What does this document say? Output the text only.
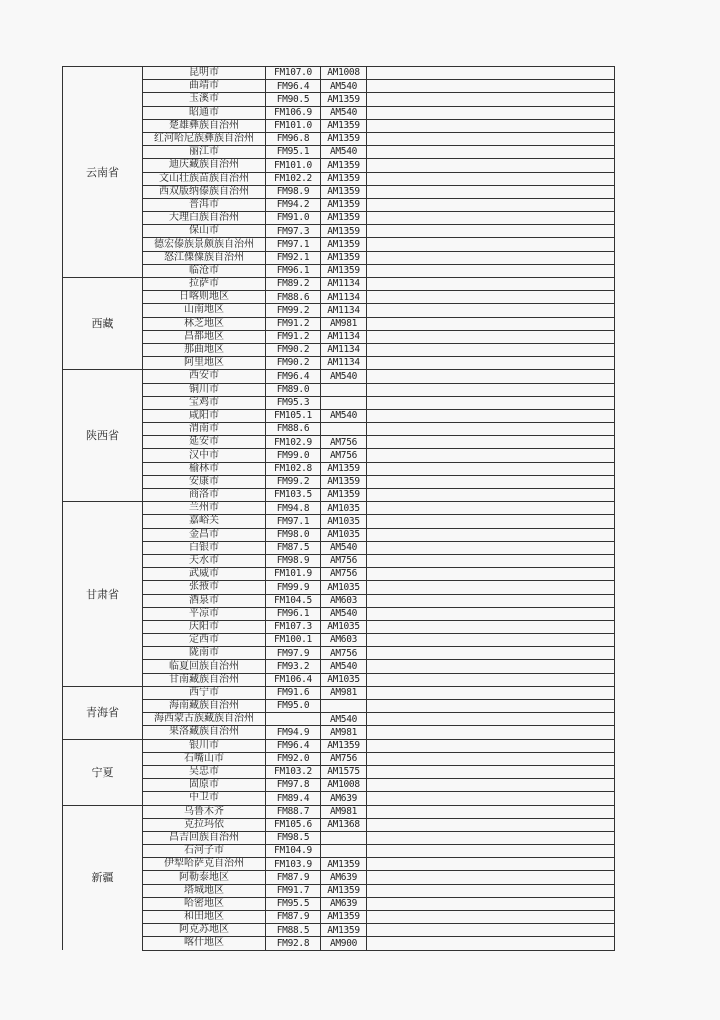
云南省	昆明市	FM107.0	AM1008	
	曲靖市	FM96.4	AM540	
	玉溪市	FM90.5	AM1359	
	昭通市	FM106.9	AM540	
	楚雄彝族自治州	FM101.0	AM1359	
	红河哈尼族彝族自治州	FM96.8	AM1359	
	丽江市	FM95.1	AM540	
	迪庆藏族自治州	FM101.0	AM1359	
	文山壮族苗族自治州	FM102.2	AM1359	
	西双版纳傣族自治州	FM98.9	AM1359	
	普洱市	FM94.2	AM1359	
	大理白族自治州	FM91.0	AM1359	
	保山市	FM97.3	AM1359	
	德宏傣族景颇族自治州	FM97.1	AM1359	
	怒江傈僳族自治州	FM92.1	AM1359	
	临沧市	FM96.1	AM1359	
西藏	拉萨市	FM89.2	AM1134	
	日喀则地区	FM88.6	AM1134	
	山南地区	FM99.2	AM1134	
	林芝地区	FM91.2	AM981	
	昌都地区	FM91.2	AM1134	
	那曲地区	FM90.2	AM1134	
	阿里地区	FM90.2	AM1134	
陕西省	西安市	FM96.4	AM540	
	铜川市	FM89.0		
	宝鸡市	FM95.3		
	咸阳市	FM105.1	AM540	
	渭南市	FM88.6		
	延安市	FM102.9	AM756	
	汉中市	FM99.0	AM756	
	榆林市	FM102.8	AM1359	
	安康市	FM99.2	AM1359	
	商洛市	FM103.5	AM1359	
甘肃省	兰州市	FM94.8	AM1035	
	嘉峪关	FM97.1	AM1035	
	金昌市	FM98.0	AM1035	
	白银市	FM87.5	AM540	
	天水市	FM98.9	AM756	
	武威市	FM101.9	AM756	
	张掖市	FM99.9	AM1035	
	酒泉市	FM104.5	AM603	
	平凉市	FM96.1	AM540	
	庆阳市	FM107.3	AM1035	
	定西市	FM100.1	AM603	
	陇南市	FM97.9	AM756	
	临夏回族自治州	FM93.2	AM540	
	甘南藏族自治州	FM106.4	AM1035	
青海省	西宁市	FM91.6	AM981	
	海南藏族自治州	FM95.0		
	海西蒙古族藏族自治州		AM540	
	果洛藏族自治州	FM94.9	AM981	
宁夏	银川市	FM96.4	AM1359	
	石嘴山市	FM92.0	AM756	
	吴忠市	FM103.2	AM1575	
	固原市	FM97.8	AM1008	
	中卫市	FM89.4	AM639	
新疆	乌鲁木齐	FM88.7	AM981	
	克拉玛依	FM105.6	AM1368	
	昌吉回族自治州	FM98.5		
	石河子市	FM104.9		
	伊犁哈萨克自治州	FM103.9	AM1359	
	阿勒泰地区	FM87.9	AM639	
	塔城地区	FM91.7	AM1359	
	哈密地区	FM95.5	AM639	
	和田地区	FM87.9	AM1359	
	阿克苏地区	FM88.5	AM1359	
	喀什地区	FM92.8	AM900	
